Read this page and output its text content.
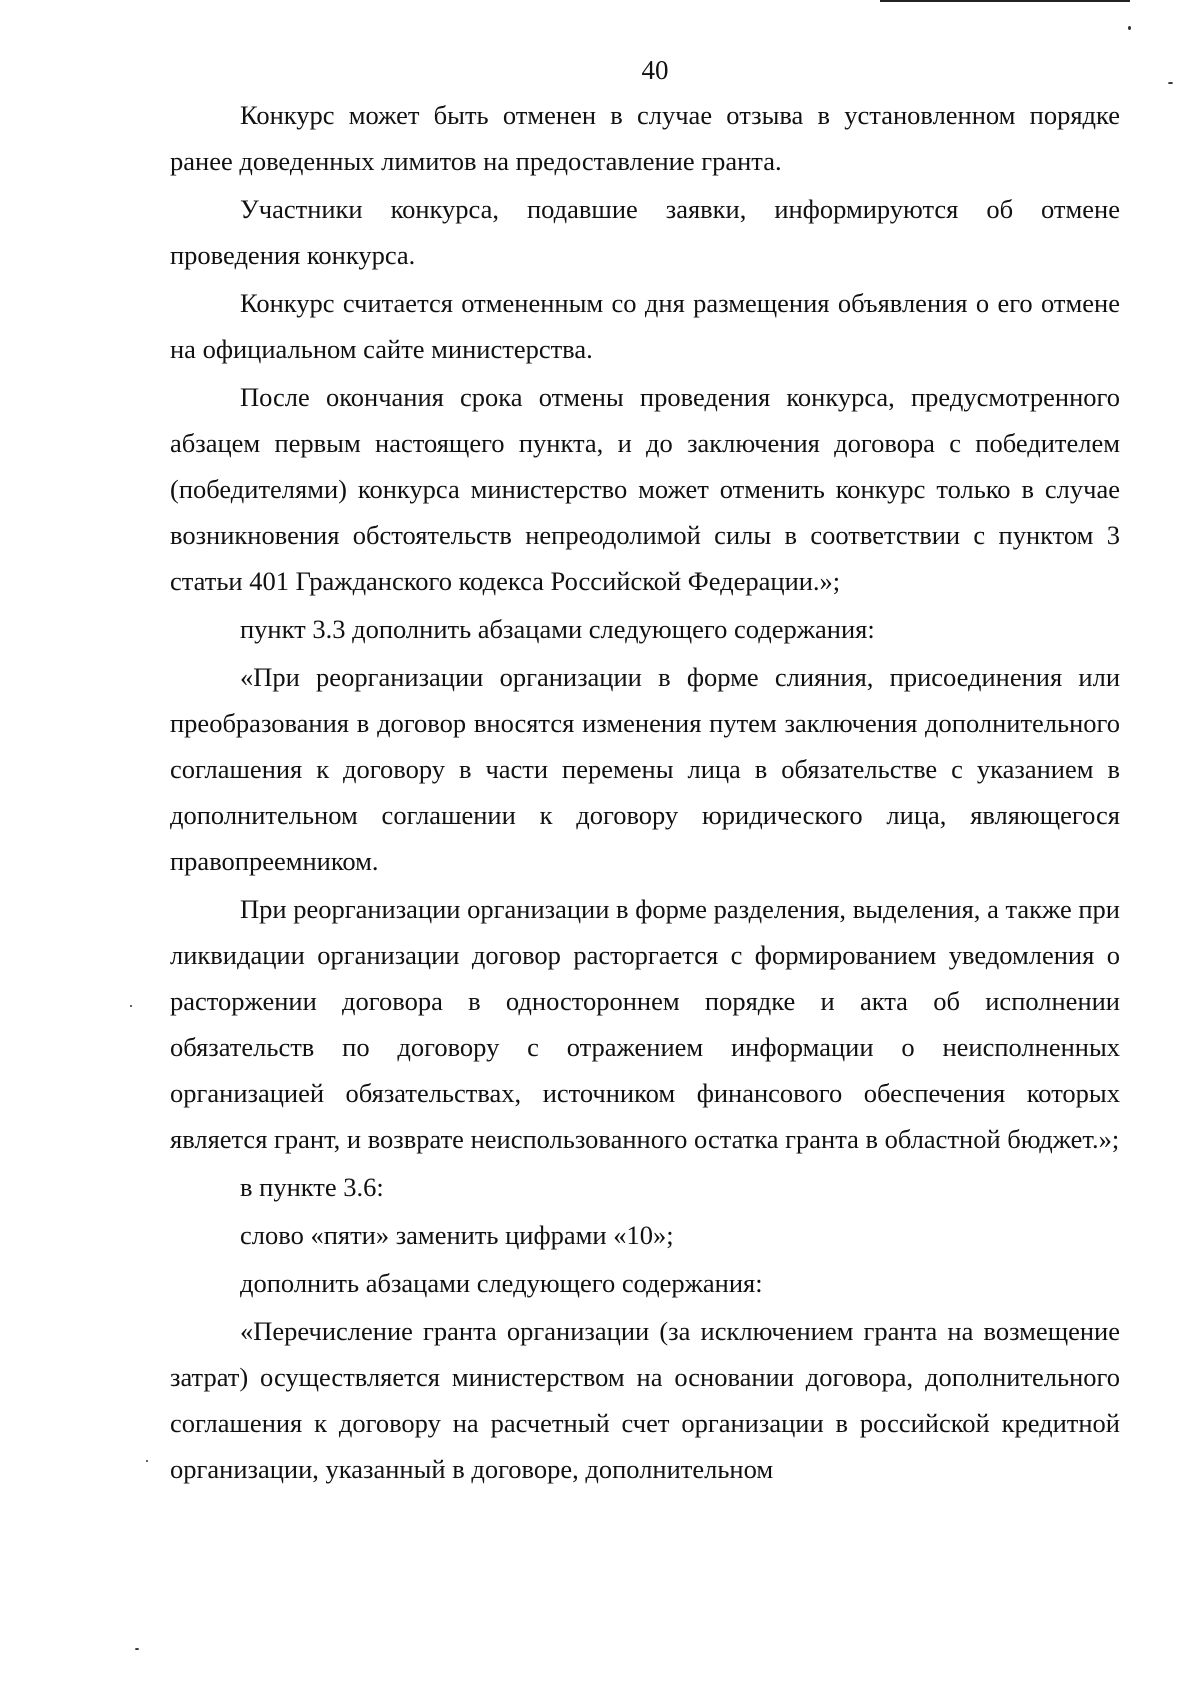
40

Конкурс может быть отменен в случае отзыва в установленном порядке ранее доведенных лимитов на предоставление гранта.

Участники конкурса, подавшие заявки, информируются об отмене проведения конкурса.

Конкурс считается отмененным со дня размещения объявления о его отмене на официальном сайте министерства.

После окончания срока отмены проведения конкурса, предусмотренного абзацем первым настоящего пункта, и до заключения договора с победителем (победителями) конкурса министерство может отменить конкурс только в случае возникновения обстоятельств непреодолимой силы в соответствии с пунктом 3 статьи 401 Гражданского кодекса Российской Федерации.»;

пункт 3.3 дополнить абзацами следующего содержания:

«При реорганизации организации в форме слияния, присоединения или преобразования в договор вносятся изменения путем заключения дополнительного соглашения к договору в части перемены лица в обязательстве с указанием в дополнительном соглашении к договору юридического лица, являющегося правопреемником.

При реорганизации организации в форме разделения, выделения, а также при ликвидации организации договор расторгается с формированием уведомления о расторжении договора в одностороннем порядке и акта об исполнении обязательств по договору с отражением информации о неисполненных организацией обязательствах, источником финансового обеспечения которых является грант, и возврате неиспользованного остатка гранта в областной бюджет.»;

в пункте 3.6:

слово «пяти» заменить цифрами «10»;

дополнить абзацами следующего содержания:

«Перечисление гранта организации (за исключением гранта на возмещение затрат) осуществляется министерством на основании договора, дополнительного соглашения к договору на расчетный счет организации в российской кредитной организации, указанный в договоре, дополнительном
